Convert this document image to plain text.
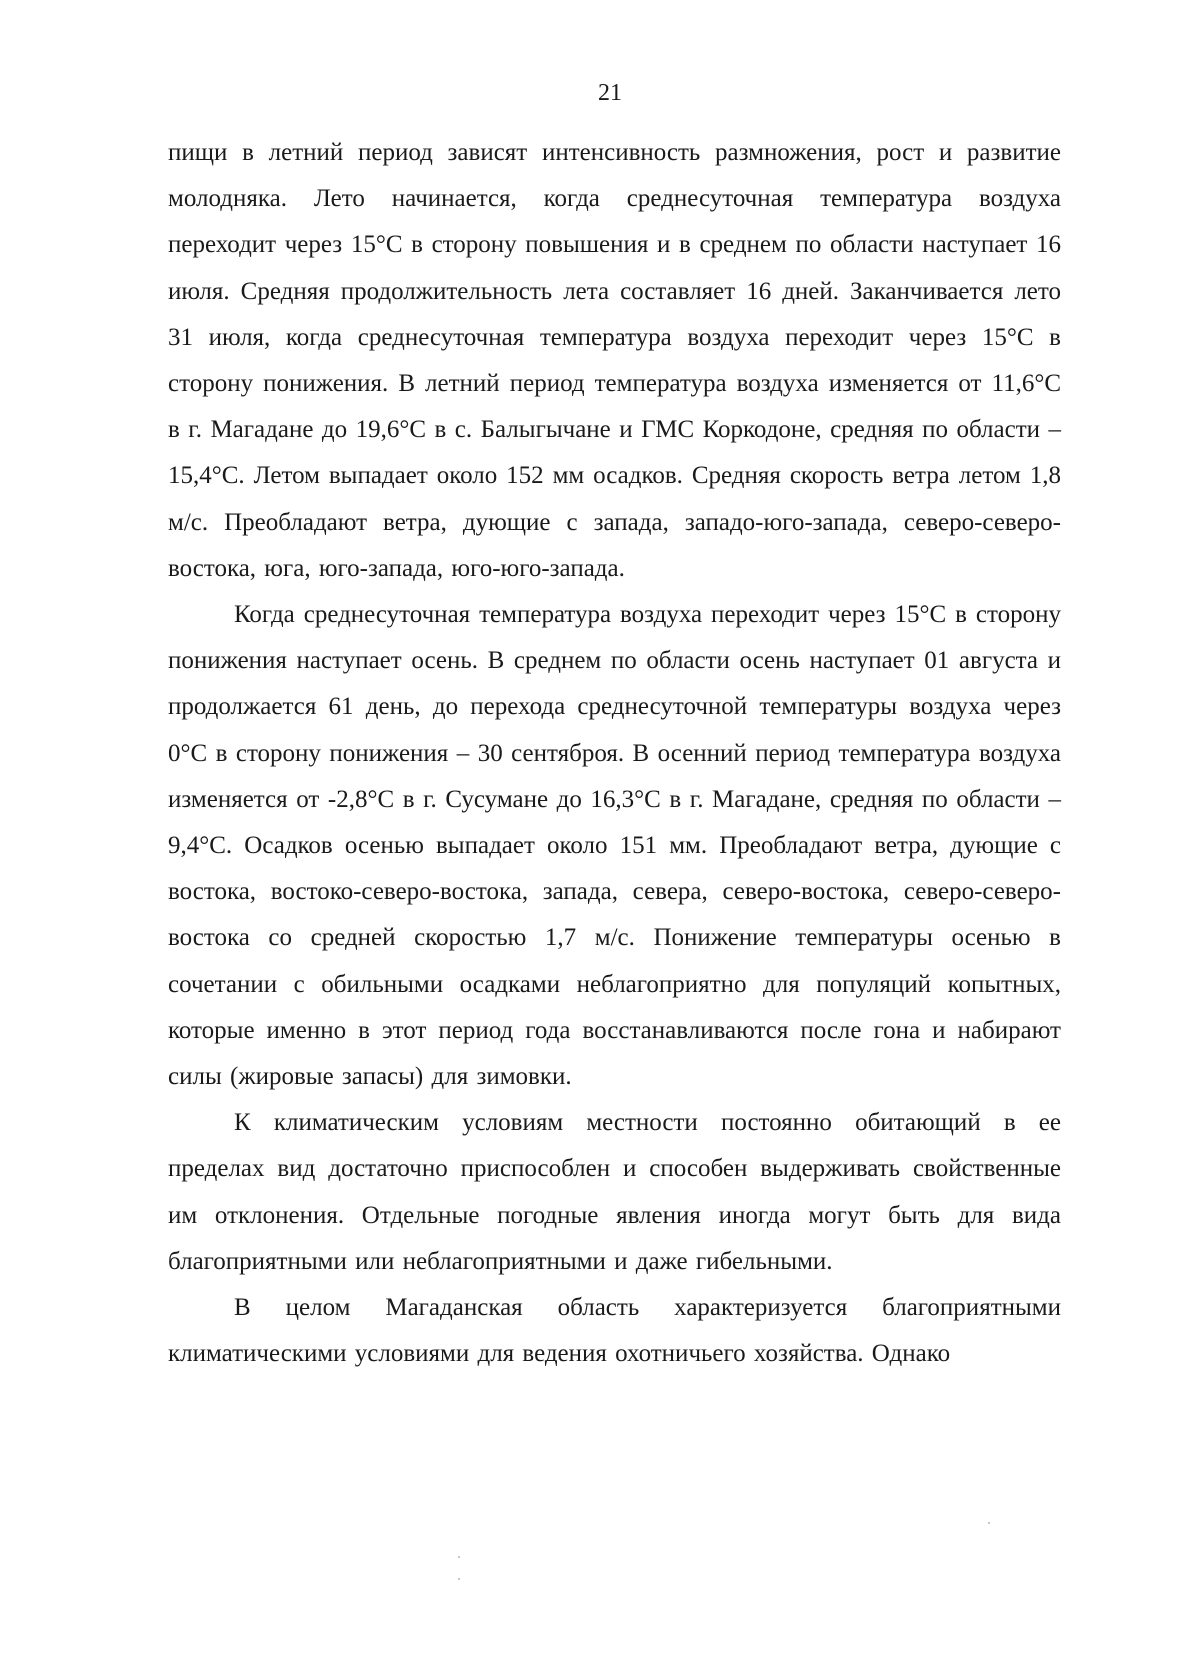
21

пищи в летний период зависят интенсивность размножения, рост и развитие молодняка. Лето начинается, когда среднесуточная температура воздуха переходит через 15°С в сторону повышения и в среднем по области наступает 16 июля. Средняя продолжительность лета составляет 16 дней. Заканчивается лето 31 июля, когда среднесуточная температура воздуха переходит через 15°С в сторону понижения. В летний период температура воздуха изменяется от 11,6°С в г. Магадане до 19,6°С в с. Балыгычане и ГМС Коркодоне, средняя по области – 15,4°С. Летом выпадает около 152 мм осадков. Средняя скорость ветра летом 1,8 м/с. Преобладают ветра, дующие с запада, западо-юго-запада, северо-северо-востока, юга, юго-запада, юго-юго-запада.

Когда среднесуточная температура воздуха переходит через 15°С в сторону понижения наступает осень. В среднем по области осень наступает 01 августа и продолжается 61 день, до перехода среднесуточной температуры воздуха через 0°С в сторону понижения – 30 сентяброя. В осенний период температура воздуха изменяется от -2,8°С в г. Сусумане до 16,3°С в г. Магадане, средняя по области – 9,4°С. Осадков осенью выпадает около 151 мм. Преобладают ветра, дующие с востока, востоко-северо-востока, запада, севера, северо-востока, северо-северо-востока со средней скоростью 1,7 м/с. Понижение температуры осенью в сочетании с обильными осадками неблагоприятно для популяций копытных, которые именно в этот период года восстанавливаются после гона и набирают силы (жировые запасы) для зимовки.

К климатическим условиям местности постоянно обитающий в ее пределах вид достаточно приспособлен и способен выдерживать свойственные им отклонения. Отдельные погодные явления иногда могут быть для вида благоприятными или неблагоприятными и даже гибельными.

В целом Магаданская область характеризуется благоприятными климатическими условиями для ведения охотничьего хозяйства. Однако
